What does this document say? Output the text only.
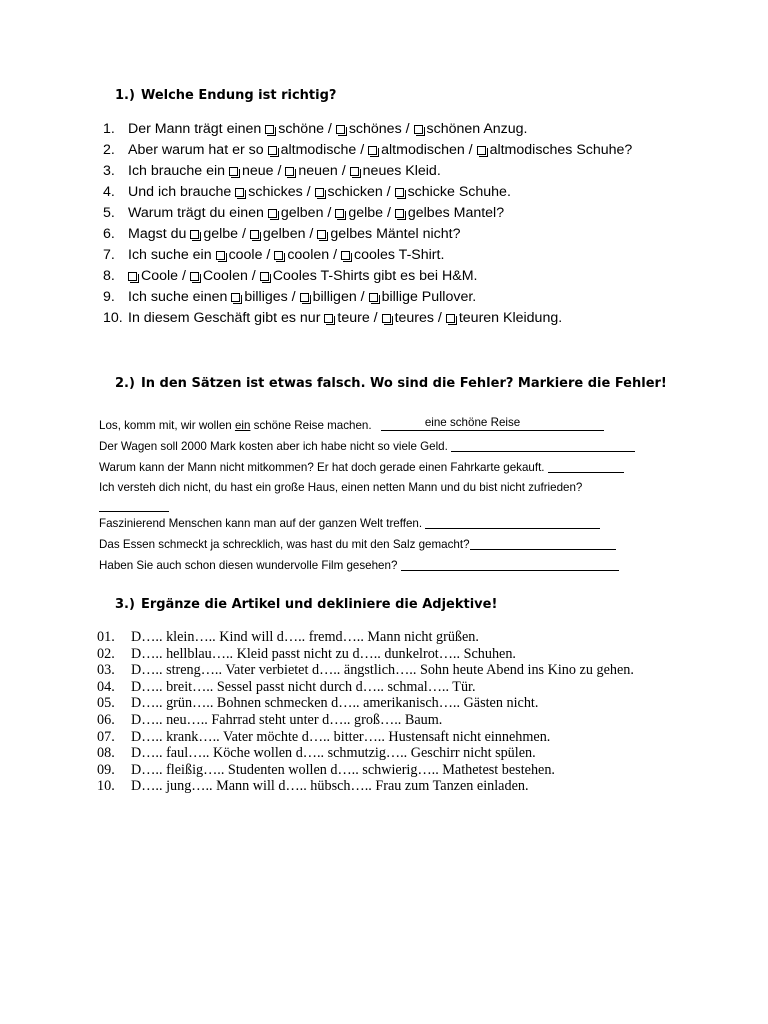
1.) Welche Endung ist richtig?
1. Der Mann trägt einen schöne / schönes / schönen Anzug.
2. Aber warum hat er so altmodische / altmodischen / altmodisches Schuhe?
3. Ich brauche ein neue / neuen / neues Kleid.
4. Und ich brauche schickes / schicken / schicke Schuhe.
5. Warum trägt du einen gelben / gelbe / gelbes Mantel?
6. Magst du gelbe / gelben / gelbes Mäntel nicht?
7. Ich suche ein coole / coolen / cooles T-Shirt.
8. Coole / Coolen / Cooles T-Shirts gibt es bei H&M.
9. Ich suche einen billiges / billigen / billige Pullover.
10. In diesem Geschäft gibt es nur teure / teures / teuren Kleidung.
2.) In den Sätzen ist etwas falsch. Wo sind die Fehler? Markiere die Fehler!
Los, komm mit, wir wollen ein schöne Reise machen.	eine schöne Reise
Der Wagen soll 2000 Mark kosten aber ich habe nicht so viele Geld.
Warum kann der Mann nicht mitkommen? Er hat doch gerade einen Fahrkarte gekauft.
Ich versteh dich nicht, du hast ein große Haus, einen netten Mann und du bist nicht zufrieden?
Faszinierend Menschen kann man auf der ganzen Welt treffen.
Das Essen schmeckt ja schrecklich, was hast du mit den Salz gemacht?
Haben Sie auch schon diesen wundervolle Film gesehen?
3.) Ergänze die Artikel und dekliniere die Adjektive!
01. D….. klein….. Kind will d….. fremd….. Mann nicht grüßen.
02. D….. hellblau….. Kleid passt nicht zu d….. dunkelrot….. Schuhen.
03. D….. streng….. Vater verbietet d….. ängstlich….. Sohn heute Abend ins Kino zu gehen.
04. D….. breit….. Sessel passt nicht durch d….. schmal….. Tür.
05. D….. grün….. Bohnen schmecken d….. amerikanisch….. Gästen nicht.
06. D….. neu….. Fahrrad steht unter d….. groß….. Baum.
07. D….. krank….. Vater möchte d….. bitter….. Hustensaft nicht einnehmen.
08. D….. faul….. Köche wollen d….. schmutzig….. Geschirr nicht spülen.
09. D….. fleißig….. Studenten wollen d….. schwierig….. Mathetest bestehen.
10. D….. jung….. Mann will d….. hübsch….. Frau zum Tanzen einladen.
